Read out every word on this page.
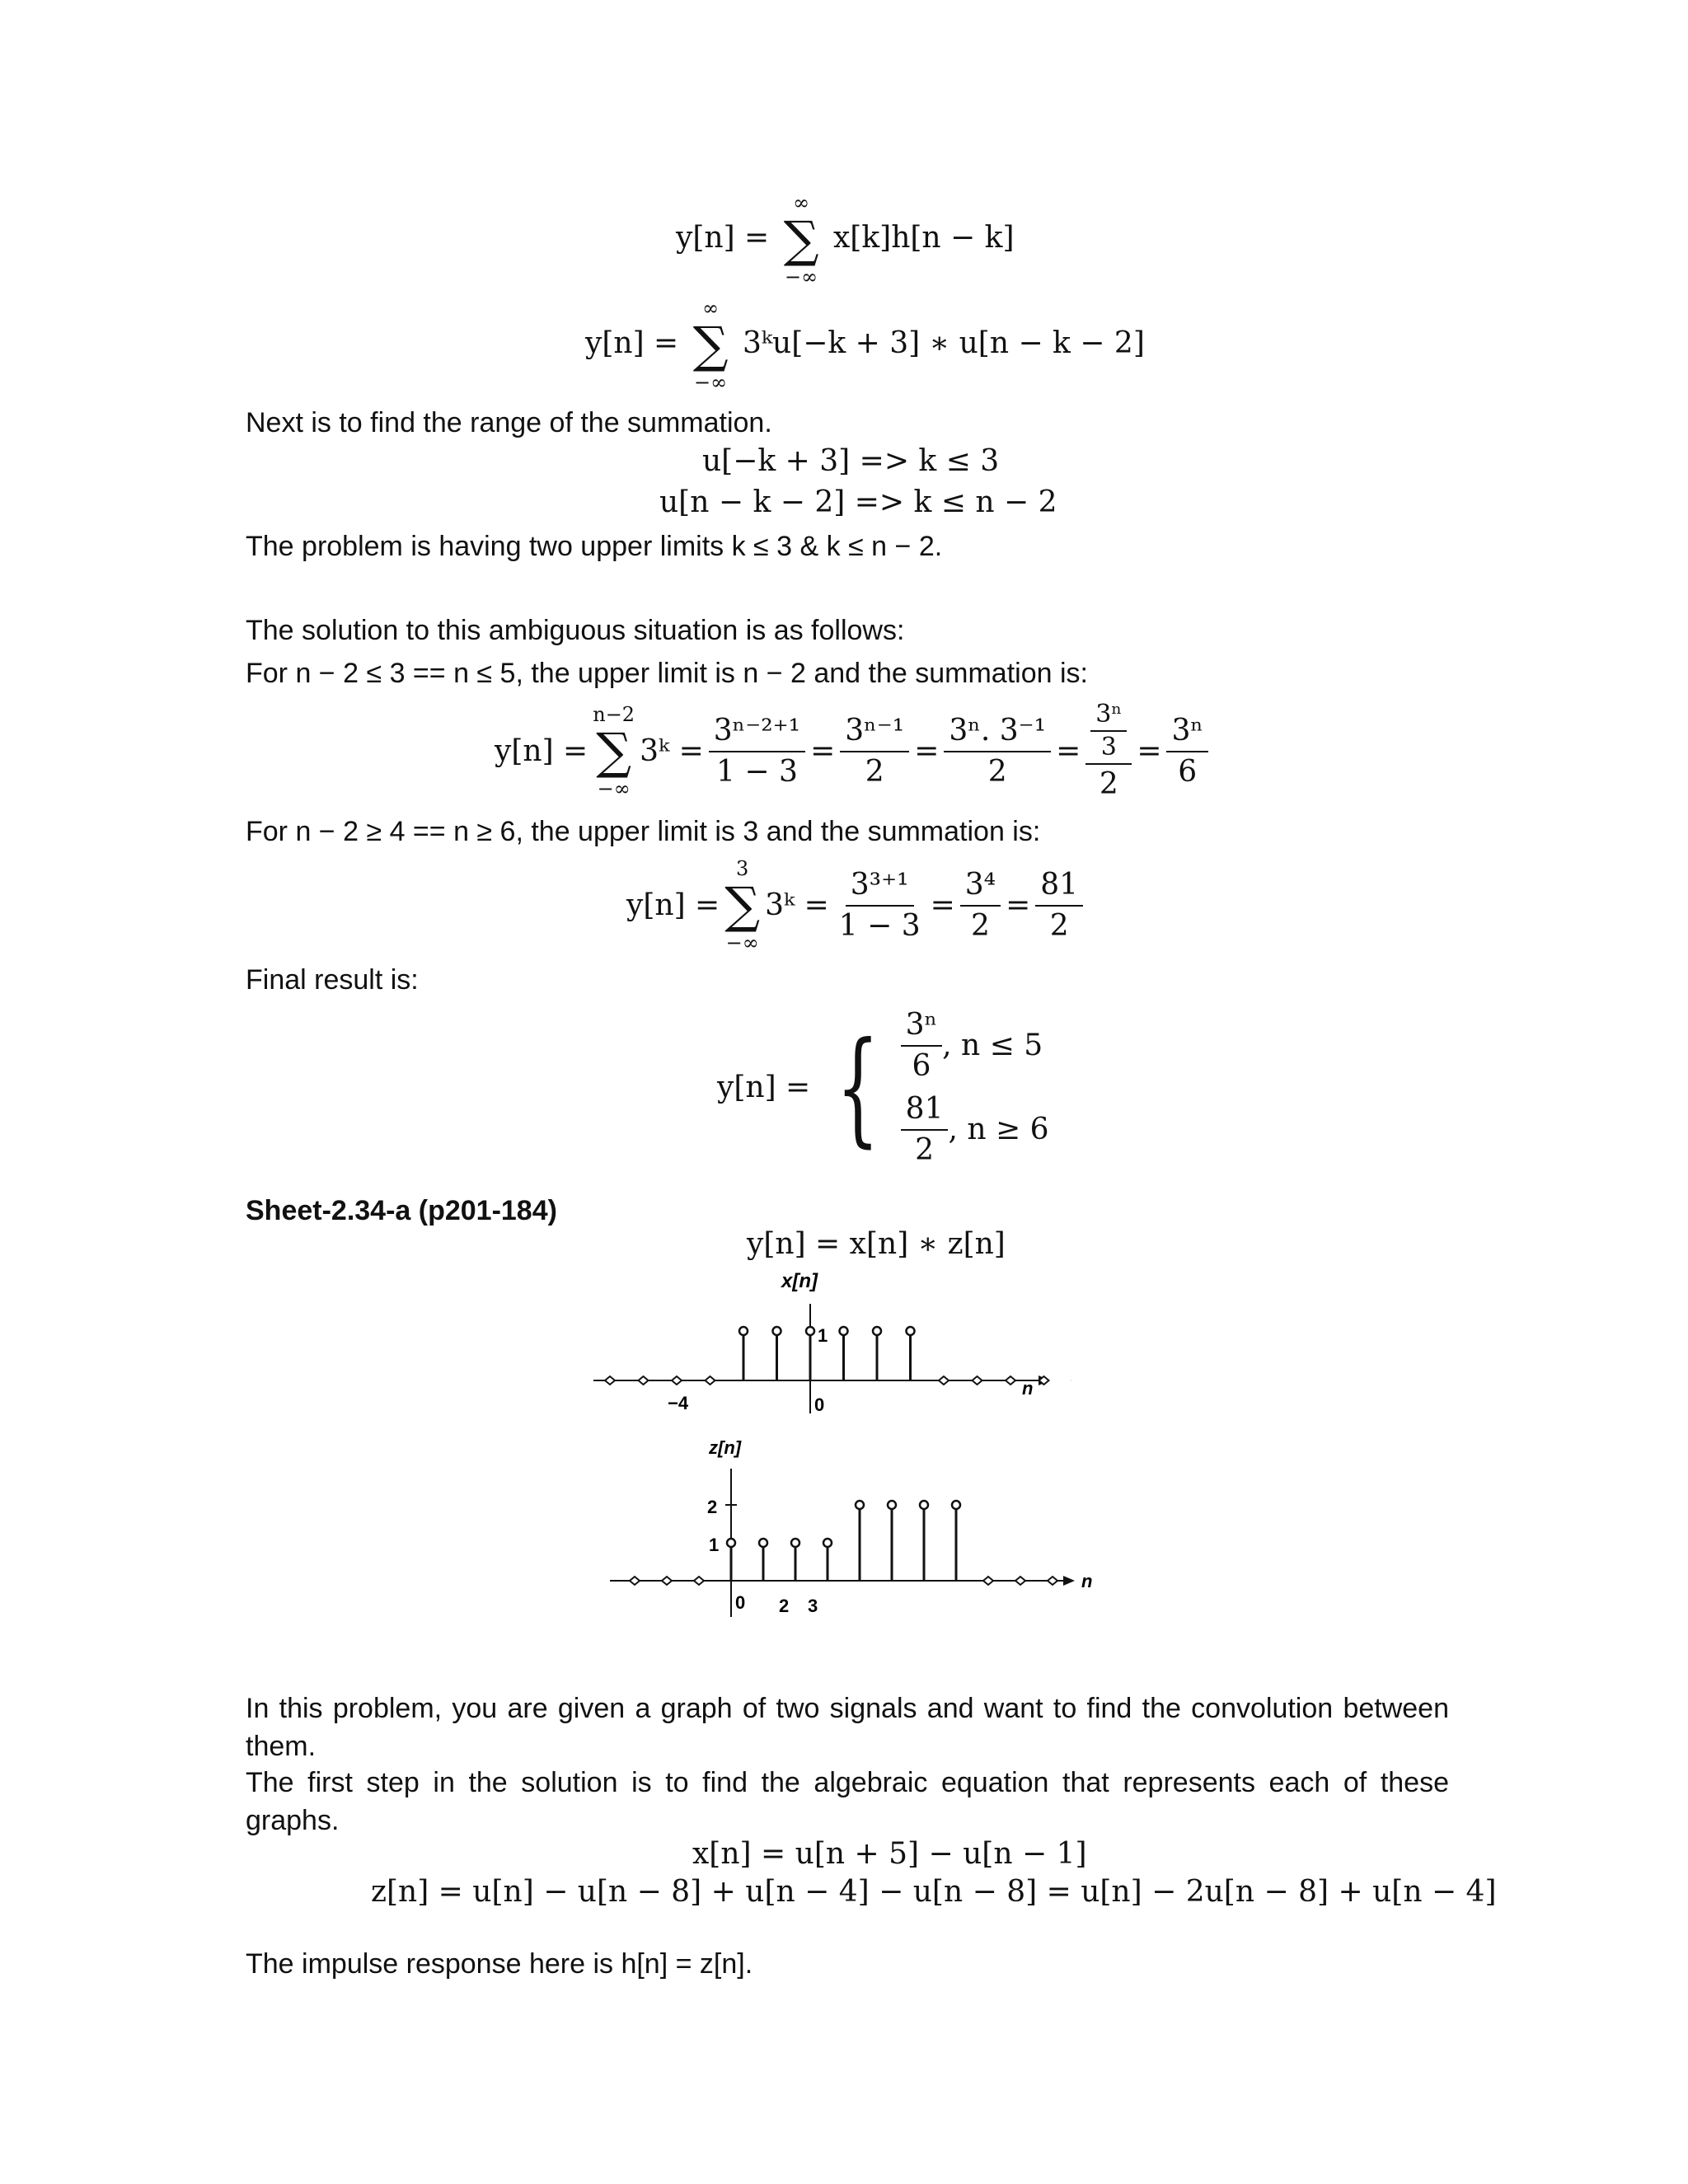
y[n] =
∞
∑
−∞
x[k]h[n − k]
y[n] =
∞
∑
−∞
3ᵏu[−k + 3] ∗ u[n − k − 2]
Next is to find the range of the summation.
u[−k + 3] => k ≤ 3
u[n − k − 2] => k ≤ n − 2
The problem is having two upper limits k ≤ 3 & k ≤ n − 2.
The solution to this ambiguous situation is as follows:
For n − 2 ≤ 3 == n ≤ 5, the upper limit is n − 2 and the summation is:
y[n] =
n−2
∑
−∞
3ᵏ = $\frac{\text{3ⁿ⁻²⁺¹}}{1 - 3} = \frac{\text{3ⁿ⁻¹}}{2} = \frac{\text{3ⁿ. 3⁻¹}}{2} = \frac{\frac{\text{3ⁿ}}{3}}{2} = \frac{\text{3ⁿ}}{6}$
For n − 2 ≥ 4 == n ≥ 6, the upper limit is 3 and the summation is:
y[n] =
3
∑
−∞
3ᵏ = $\frac{\text{3³⁺¹}}{1 - 3} = \frac{\text{3⁴}}{2} = \frac{81}{2}$
Final result is:
y[n] = { $\frac{\text{3ⁿ}}{6}$ , n ≤ 5
$\frac{81}{2}$ , n ≥ 6
Sheet-2.34-a (p201-184)
y[n] = x[n] ∗ z[n]
x[n]
n
−4	0
1
z[n]
n
2
1
0 2 3
In this problem, you are given a graph of two signals and want to find the convolution between them.
The first step in the solution is to find the algebraic equation that represents each of these graphs.
x[n] = u[n + 5] − u[n − 1]
z[n] = u[n] − u[n − 8] + u[n − 4] − u[n − 8] = u[n] − 2u[n − 8] + u[n − 4]
The impulse response here is h[n] = z[n].
